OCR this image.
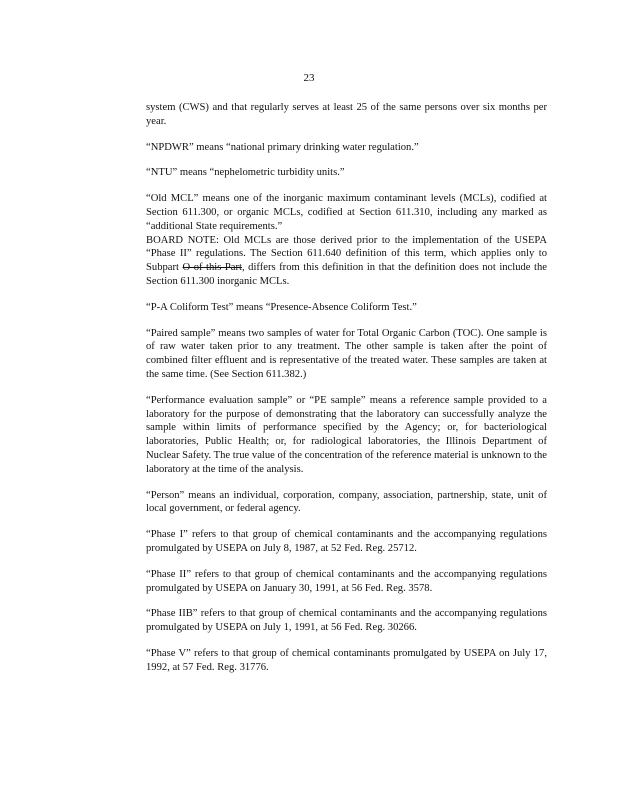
23

system (CWS) and that regularly serves at least 25 of the same persons over six months per year.

“NPDWR” means “national primary drinking water regulation.”

“NTU” means “nephelometric turbidity units.”

“Old MCL” means one of the inorganic maximum contaminant levels (MCLs), codified at Section 611.300, or organic MCLs, codified at Section 611.310, including any marked as “additional State requirements.”

BOARD NOTE: Old MCLs are those derived prior to the implementation of the USEPA “Phase II” regulations. The Section 611.640 definition of this term, which applies only to Subpart O of this Part, differs from this definition in that the definition does not include the Section 611.300 inorganic MCLs.

“P-A Coliform Test” means “Presence-Absence Coliform Test.”

“Paired sample” means two samples of water for Total Organic Carbon (TOC). One sample is of raw water taken prior to any treatment. The other sample is taken after the point of combined filter effluent and is representative of the treated water. These samples are taken at the same time. (See Section 611.382.)

“Performance evaluation sample” or “PE sample” means a reference sample provided to a laboratory for the purpose of demonstrating that the laboratory can successfully analyze the sample within limits of performance specified by the Agency; or, for bacteriological laboratories, Public Health; or, for radiological laboratories, the Illinois Department of Nuclear Safety. The true value of the concentration of the reference material is unknown to the laboratory at the time of the analysis.

“Person” means an individual, corporation, company, association, partnership, state, unit of local government, or federal agency.

“Phase I” refers to that group of chemical contaminants and the accompanying regulations promulgated by USEPA on July 8, 1987, at 52 Fed. Reg. 25712.

“Phase II” refers to that group of chemical contaminants and the accompanying regulations promulgated by USEPA on January 30, 1991, at 56 Fed. Reg. 3578.

“Phase IIB” refers to that group of chemical contaminants and the accompanying regulations promulgated by USEPA on July 1, 1991, at 56 Fed. Reg. 30266.

“Phase V” refers to that group of chemical contaminants promulgated by USEPA on July 17, 1992, at 57 Fed. Reg. 31776.
